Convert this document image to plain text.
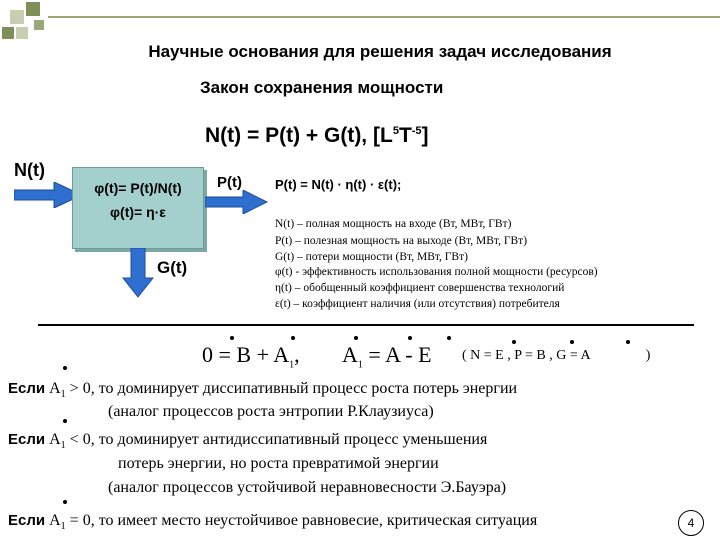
Научные основания для решения задач исследования
Закон сохранения мощности
N(t) = P(t) + G(t), $[L^5T^{-5}]$
N(t)
φ(t)= P(t)/N(t)
φ(t)= η·ε
P(t)
G(t)
P(t) = N(t) · η(t) · ε(t);
N(t) – полная мощность на входе (Вт, МВт, ГВт)
P(t) – полезная мощность на выходе (Вт, МВт, ГВт)
G(t) – потери мощности (Вт, МВт, ГВт)
φ(t) - эффективность использования полной мощности (ресурсов)
η(t) – обобщенный коэффициент совершенства технологий
ε(t) – коэффициент наличия (или отсутствия) потребителя
$0 = B + A_1$, $A_1 = A - E$ ( N = E , P = B , G = A                )
Если $A_1 > 0$, то доминирует диссипативный процесс роста потерь энергии
(аналог процессов роста энтропии Р.Клаузиуса)
Если $A_1 < 0$, то доминирует антидиссипативный процесс уменьшения
потерь энергии, но роста превратимой энергии
(аналог процессов устойчивой неравновесности Э.Бауэра)
Если $A_1 = 0$, то имеет место неустойчивое равновесие, критическая ситуация	4
